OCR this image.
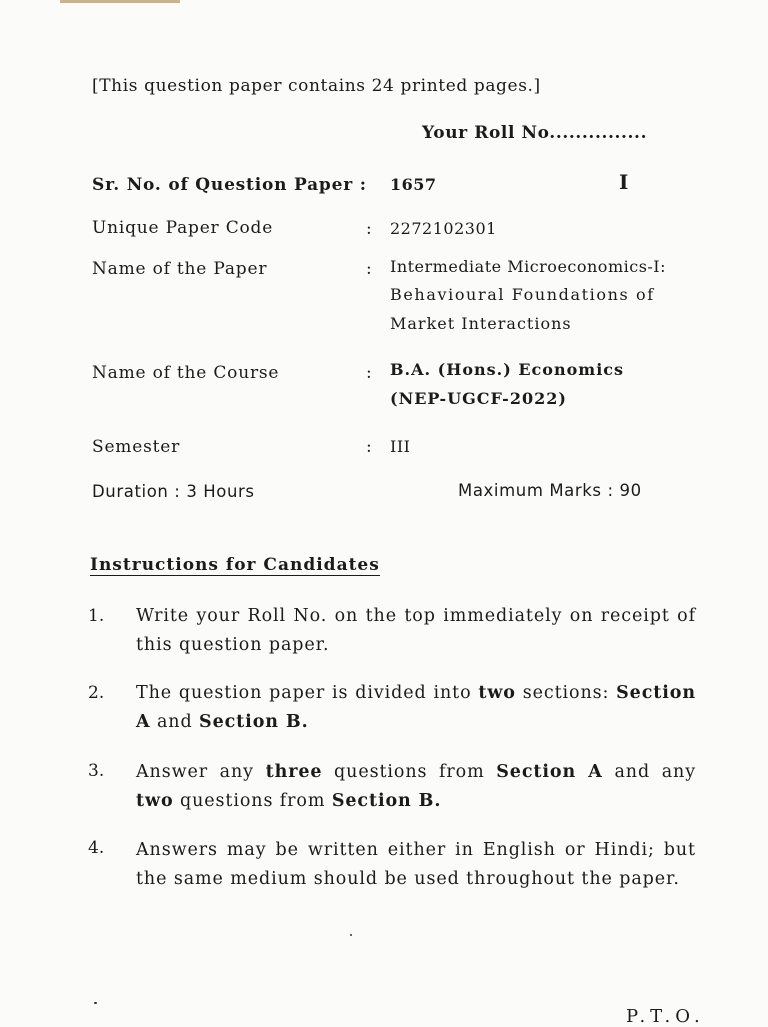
[This question paper contains 24 printed pages.]
Your Roll No...............
Sr. No. of Question Paper : 1657	I
Unique Paper Code	: 2272102301
Name of the Paper	: Intermediate Microeconomics-I:
Behavioural Foundations of
Market Interactions
Name of the Course	: B.A. (Hons.) Economics
(NEP-UGCF-2022)
Semester	: III
Duration : 3 Hours	Maximum Marks : 90
Instructions for Candidates
1. Write your Roll No. on the top immediately on receipt of this question paper.
2. The question paper is divided into two sections: Section A and Section B.
3. Answer any three questions from Section A and any two questions from Section B.
4. Answers may be written either in English or Hindi; but the same medium should be used throughout the paper.
P.T.O.
